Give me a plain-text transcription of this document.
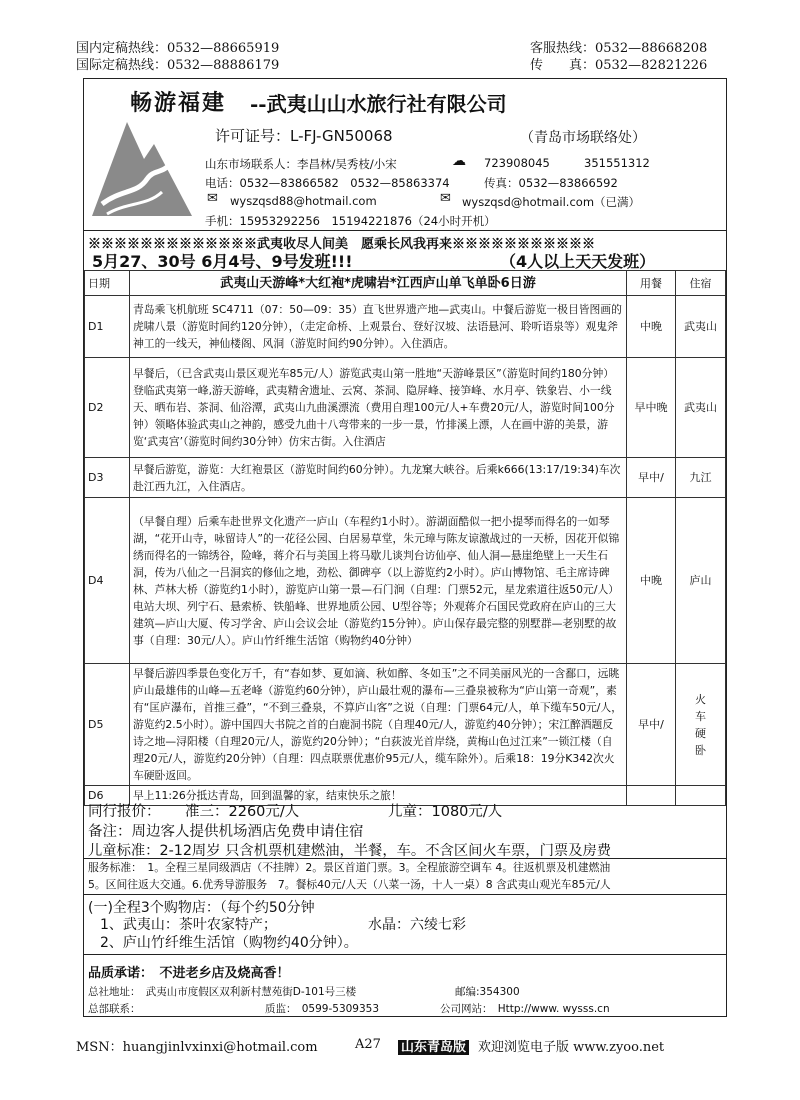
国内定稿热线：0532—88665919
国际定稿热线：0532—88886179
客服热线：0532—88668208
传　　真：0532—82821226
畅游福建 --武夷山山水旅行社有限公司
许可证号：L-FJ-GN50068	（青岛市场联络处）
山东市场联系人：李昌林/吴秀枝/小宋	☁ 723908045	351551312
电话：0532—83866582　0532—85863374	传真：0532—83866592
✉ wyszqsd88@hotmail.com	✉ wyszqsd@hotmail.com（已满）
手机：15953292256　15194221876（24小时开机）
※※※※※※※※※※※※※武夷收尽人间美　愿乘长风我再来※※※※※※※※※※※
5月27、30号 6月4号、9号发班!!!	（4人以上天天发班）
日期	武夷山天游峰*大红袍*虎啸岩*江西庐山单飞单卧6日游	用餐	住宿
D1	青岛乘飞机航班 SC4711（07：50—09：35）直飞世界遗产地—武夷山。中餐后游览一极目皆图画的虎啸八景（游览时间约120分钟），（走定命桥、上观景台、登好汉坡、法语悬河、聆听语泉等）观鬼斧神工的一线天，神仙楼阁、风洞（游览时间约90分钟）。入住酒店。	中晚	武夷山
D2	早餐后，（已含武夷山景区观光车85元/人）游览武夷山第一胜地“天游峰景区”（游览时间约180分钟）登临武夷第一峰,游天游峰，武夷精舍遗址、云窝、茶洞、隐屏峰、接笋峰、水月亭、铁象岩、小一线天、晒布岩、茶洞、仙浴潭，武夷山九曲溪漂流（费用自理100元/人+车费20元/人，游览时间100分钟）领略体验武夷山之神韵，感受九曲十八弯带来的一步一景，竹排溪上漂，人在画中游的美景，游览‘武夷宫’（游览时间约30分钟）仿宋古街。入住酒店	早中晚	武夷山
D3	早餐后游览，游览：大红袍景区（游览时间约60分钟）。九龙窠大峡谷。后乘k666(13:17/19:34)车次赴江西九江，入住酒店。	早中/	九江
D4	（早餐自理）后乘车赴世界文化遗产一庐山（车程约1小时）。游湖面酷似一把小提琴而得名的一如琴湖，“花开山寺，咏留诗人”的一花径公园、白居易草堂，朱元璋与陈友谅激战过的一天桥，因花开似锦绣而得名的一锦绣谷，险峰，蒋介石与美国上将马歇儿谈判台访仙亭、仙人洞—悬崖绝壁上一天生石洞，传为八仙之一吕洞宾的修仙之地，劲松、御碑亭（以上游览约2小时）。庐山博物馆、毛主席诗碑林、芦林大桥（游览约1小时），游览庐山第一景—石门涧（自理：门票52元，星龙索道往返50元/人）电站大坝、列宁石、悬索桥、铁船峰、世界地质公园、U型谷等；外观蒋介石国民党政府在庐山的三大建筑—庐山大厦、传习学舍、庐山会议会址（游览约15分钟）。庐山保存最完整的别墅群—老别墅的故事（自理：30元/人）。庐山竹纤维生活馆（购物约40分钟）	中晚	庐山
D5	早餐后游四季景色变化万千，有“春如梦、夏如滴、秋如醉、冬如玉”之不同美丽风光的一含鄱口，远眺庐山最雄伟的山峰—五老峰（游览约60分钟），庐山最壮观的瀑布—三叠泉被称为“庐山第一奇观”，素有“匡庐瀑布，首推三叠”，“不到三叠泉，不算庐山客”之说（自理：门票64元/人，单下缆车50元/人，游览约2.5小时）。游中国四大书院之首的白鹿洞书院（自理40元/人，游览约40分钟）；宋江醉酒题反诗之地—浔阳楼（自理20元/人，游览约20分钟）；“白荻波光首岸绕，黄梅山色过江来”一锁江楼（自理20元/人，游览约20分钟）（自理：四点联票优惠价95元/人，缆车除外）。后乘18：19分K342次火车硬卧返回。	早中/	火车硬卧
D6	早上11:26分抵达青岛，回到温馨的家，结束快乐之旅！		
同行报价： 准三：2260元/人	儿童：1080元/人
备注：周边客人提供机场酒店免费申请住宿
儿童标准：2-12周岁 只含机票机建燃油，半餐，车。不含区间火车票，门票及房费
服务标准：　1。全程三星同级酒店（不挂牌）2。景区首道门票。3。全程旅游空调车 4。往返机票及机建燃油
5。区间往返大交通。6.优秀导游服务　7。餐标40元/人天（八菜一汤，十人一桌）8 含武夷山观光车85元/人
(一)全程3个购物店：（每个约50分钟
1、武夷山：茶叶农家特产；	水晶：六绫七彩
2、庐山竹纤维生活馆（购物约40分钟）。
品质承诺：　不进老乡店及烧高香！
总社地址：　武夷山市度假区双利新村慧苑街D-101号三楼	邮编:354300
总部联系：	质监：　0599-5309353	公司网站：　Http://www. wysss.cn
MSN：huangjinlvxinxi@hotmail.com	A27 山东青岛版 欢迎浏览电子版 www.zyoo.net
